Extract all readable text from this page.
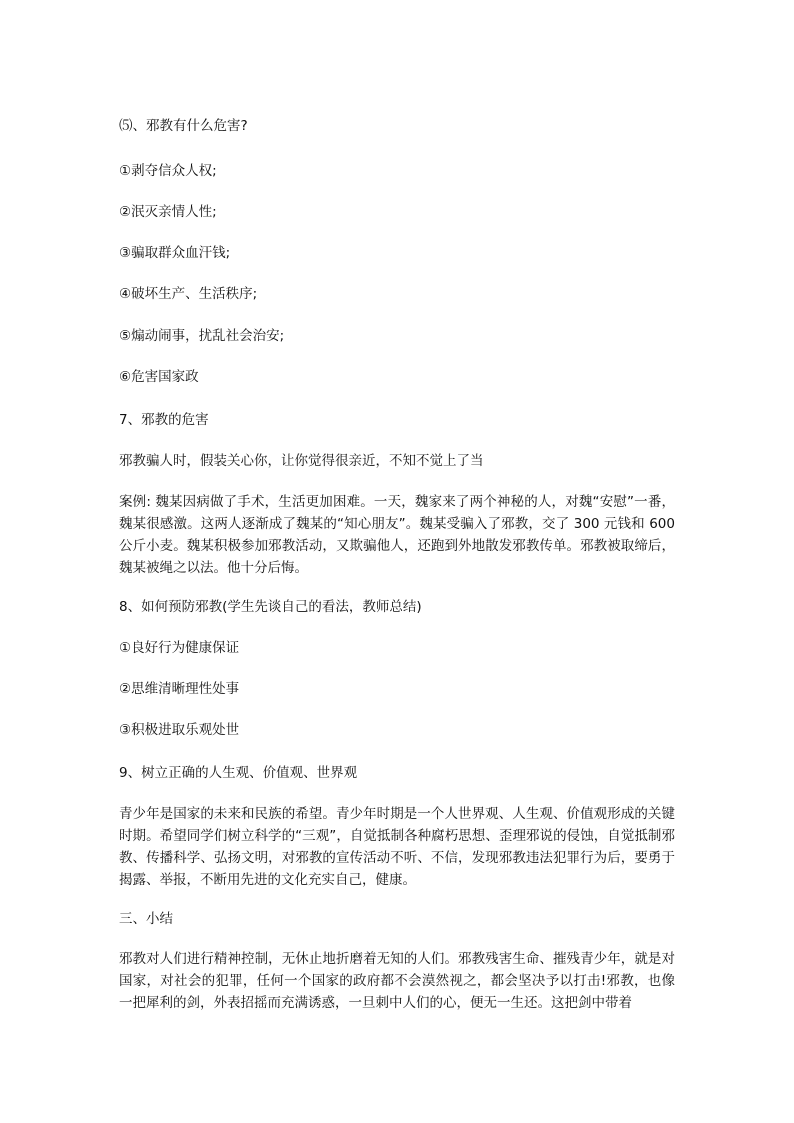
⑸、邪教有什么危害?

①剥夺信众人权;

②泯灭亲情人性;

③骗取群众血汗钱;

④破坏生产、生活秩序;

⑤煽动闹事，扰乱社会治安;

⑥危害国家政

7、邪教的危害

邪教骗人时，假装关心你，让你觉得很亲近，不知不觉上了当

案例: 魏某因病做了手术，生活更加困难。一天，魏家来了两个神秘的人，对魏“安慰”一番，魏某很感激。这两人逐渐成了魏某的“知心朋友”。魏某受骗入了邪教，交了 300 元钱和 600 公斤小麦。魏某积极参加邪教活动，又欺骗他人，还跑到外地散发邪教传单。邪教被取缔后，魏某被绳之以法。他十分后悔。

8、如何预防邪教(学生先谈自己的看法，教师总结)

①良好行为健康保证

②思维清晰理性处事

③积极进取乐观处世

9、树立正确的人生观、价值观、世界观

青少年是国家的未来和民族的希望。青少年时期是一个人世界观、人生观、价值观形成的关键时期。希望同学们树立科学的“三观”，自觉抵制各种腐朽思想、歪理邪说的侵蚀，自觉抵制邪教、传播科学、弘扬文明，对邪教的宣传活动不听、不信，发现邪教违法犯罪行为后，要勇于揭露、举报，不断用先进的文化充实自己，健康。

三、小结

邪教对人们进行精神控制，无休止地折磨着无知的人们。邪教残害生命、摧残青少年，就是对国家，对社会的犯罪，任何一个国家的政府都不会漠然视之，都会坚决予以打击!邪教，也像一把犀利的剑，外表招摇而充满诱惑，一旦刺中人们的心，便无一生还。这把剑中带着
